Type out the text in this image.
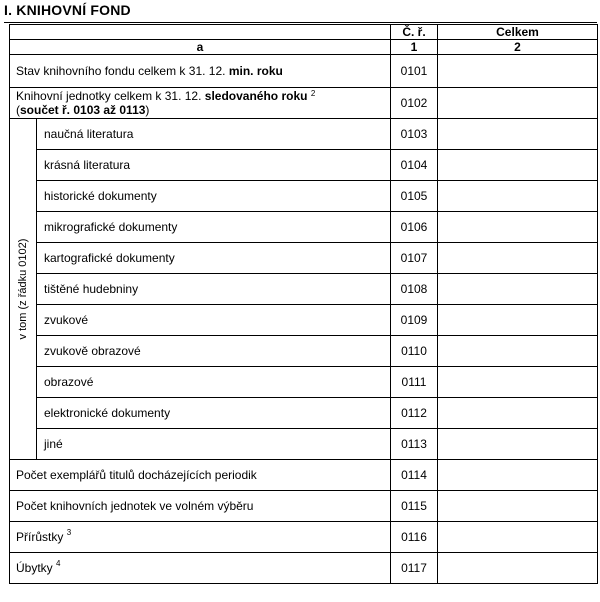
I. KNIHOVNÍ FOND
		Č. ř.	Celkem
a		1	2
Stav knihovního fondu celkem k 31. 12. min. roku		0101	
Knihovní jednotky celkem k 31. 12. sledovaného roku $^2$
(součet ř. 0103 až 0113)		0102	

v tom (z řádku 0102)	naučná literatura	0103	
	krásná literatura	0104	
	historické dokumenty	0105	
	mikrografické dokumenty	0106	
	kartografické dokumenty	0107	
	tištěné hudebniny	0108	
	zvukové	0109	
	zvukově obrazové	0110	
	obrazové	0111	
	elektronické dokumenty	0112	
	jiné	0113	
Počet exemplářů titulů docházejících periodik		0114	
Počet knihovních jednotek ve volném výběru		0115	
Přírůstky $^3$		0116	
Úbytky $^4$		0117	
